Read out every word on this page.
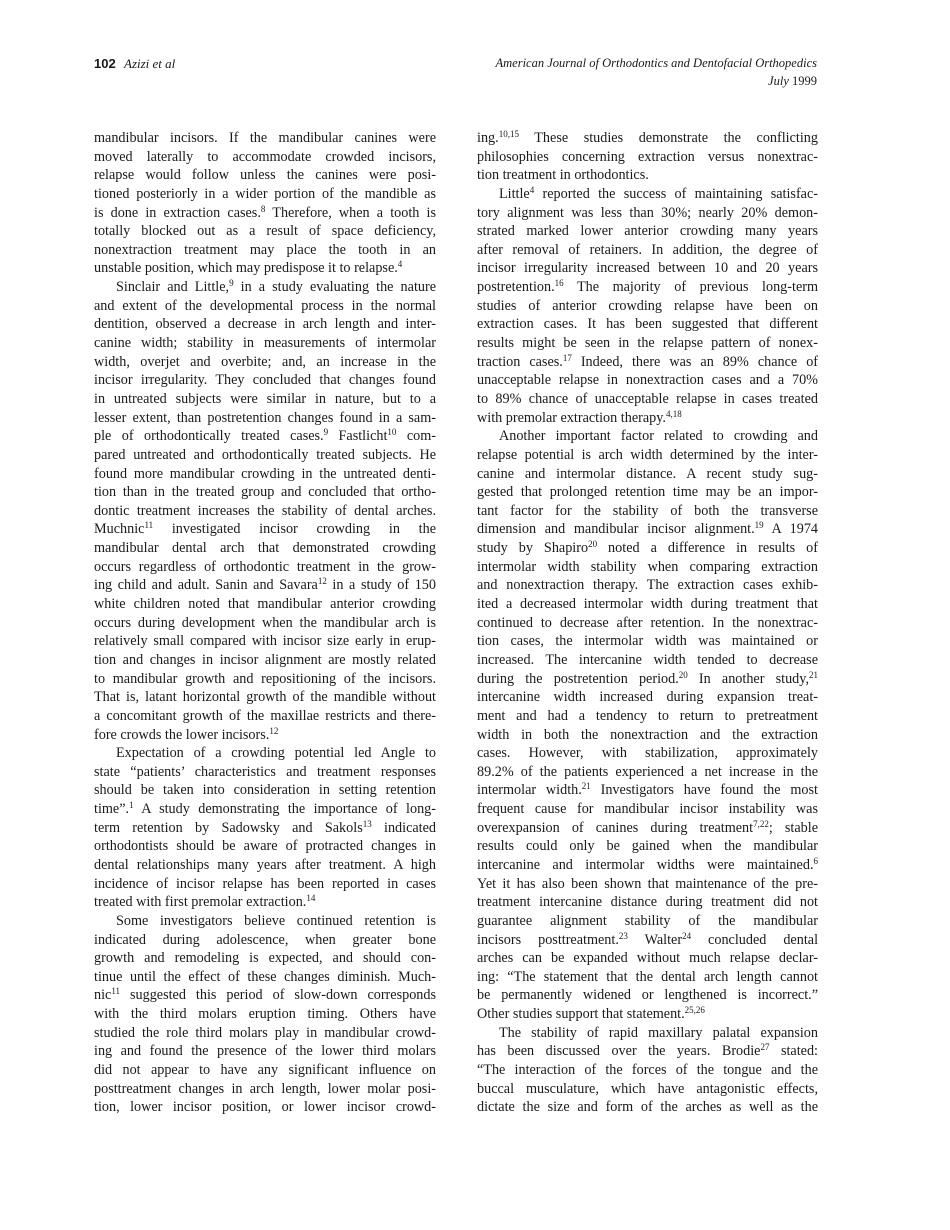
102 Azizi et al	American Journal of Orthodontics and Dentofacial Orthopedics
July 1999
mandibular incisors. If the mandibular canines were
moved laterally to accommodate crowded incisors,
relapse would follow unless the canines were posi-
tioned posteriorly in a wider portion of the mandible as
is done in extraction cases.$^8$ Therefore, when a tooth is
totally blocked out as a result of space deficiency,
nonextraction treatment may place the tooth in an
unstable position, which may predispose it to relapse.$^4$
Sinclair and Little,$^9$ in a study evaluating the nature
and extent of the developmental process in the normal
dentition, observed a decrease in arch length and inter-
canine width; stability in measurements of intermolar
width, overjet and overbite; and, an increase in the
incisor irregularity. They concluded that changes found
in untreated subjects were similar in nature, but to a
lesser extent, than postretention changes found in a sam-
ple of orthodontically treated cases.$^9$ Fastlicht$^{10}$ com-
pared untreated and orthodontically treated subjects. He
found more mandibular crowding in the untreated denti-
tion than in the treated group and concluded that ortho-
dontic treatment increases the stability of dental arches.
Muchnic$^{11}$ investigated incisor crowding in the
mandibular dental arch that demonstrated crowding
occurs regardless of orthodontic treatment in the grow-
ing child and adult. Sanin and Savara$^{12}$ in a study of 150
white children noted that mandibular anterior crowding
occurs during development when the mandibular arch is
relatively small compared with incisor size early in erup-
tion and changes in incisor alignment are mostly related
to mandibular growth and repositioning of the incisors.
That is, latant horizontal growth of the mandible without
a concomitant growth of the maxillae restricts and there-
fore crowds the lower incisors.$^{12}$
Expectation of a crowding potential led Angle to
state “patients’ characteristics and treatment responses
should be taken into consideration in setting retention
time”.$^1$ A study demonstrating the importance of long-
term retention by Sadowsky and Sakols$^{13}$ indicated
orthodontists should be aware of protracted changes in
dental relationships many years after treatment. A high
incidence of incisor relapse has been reported in cases
treated with first premolar extraction.$^{14}$
Some investigators believe continued retention is
indicated during adolescence, when greater bone
growth and remodeling is expected, and should con-
tinue until the effect of these changes diminish. Much-
nic$^{11}$ suggested this period of slow-down corresponds
with the third molars eruption timing. Others have
studied the role third molars play in mandibular crowd-
ing and found the presence of the lower third molars
did not appear to have any significant influence on
posttreatment changes in arch length, lower molar posi-
tion, lower incisor position, or lower incisor crowd-
ing.$^{10,15}$ These studies demonstrate the conflicting
philosophies concerning extraction versus nonextrac-
tion treatment in orthodontics.
Little$^4$ reported the success of maintaining satisfac-
tory alignment was less than 30%; nearly 20% demon-
strated marked lower anterior crowding many years
after removal of retainers. In addition, the degree of
incisor irregularity increased between 10 and 20 years
postretention.$^{16}$ The majority of previous long-term
studies of anterior crowding relapse have been on
extraction cases. It has been suggested that different
results might be seen in the relapse pattern of nonex-
traction cases.$^{17}$ Indeed, there was an 89% chance of
unacceptable relapse in nonextraction cases and a 70%
to 89% chance of unacceptable relapse in cases treated
with premolar extraction therapy.$^{4,18}$
Another important factor related to crowding and
relapse potential is arch width determined by the inter-
canine and intermolar distance. A recent study sug-
gested that prolonged retention time may be an impor-
tant factor for the stability of both the transverse
dimension and mandibular incisor alignment.$^{19}$ A 1974
study by Shapiro$^{20}$ noted a difference in results of
intermolar width stability when comparing extraction
and nonextraction therapy. The extraction cases exhib-
ited a decreased intermolar width during treatment that
continued to decrease after retention. In the nonextrac-
tion cases, the intermolar width was maintained or
increased. The intercanine width tended to decrease
during the postretention period.$^{20}$ In another study,$^{21}$
intercanine width increased during expansion treat-
ment and had a tendency to return to pretreatment
width in both the nonextraction and the extraction
cases. However, with stabilization, approximately
89.2% of the patients experienced a net increase in the
intermolar width.$^{21}$ Investigators have found the most
frequent cause for mandibular incisor instability was
overexpansion of canines during treatment$^{7,22}$; stable
results could only be gained when the mandibular
intercanine and intermolar widths were maintained.$^6$
Yet it has also been shown that maintenance of the pre-
treatment intercanine distance during treatment did not
guarantee alignment stability of the mandibular
incisors posttreatment.$^{23}$ Walter$^{24}$ concluded dental
arches can be expanded without much relapse declar-
ing: “The statement that the dental arch length cannot
be permanently widened or lengthened is incorrect.”
Other studies support that statement.$^{25,26}$
The stability of rapid maxillary palatal expansion
has been discussed over the years. Brodie$^{27}$ stated:
“The interaction of the forces of the tongue and the
buccal musculature, which have antagonistic effects,
dictate the size and form of the arches as well as the
